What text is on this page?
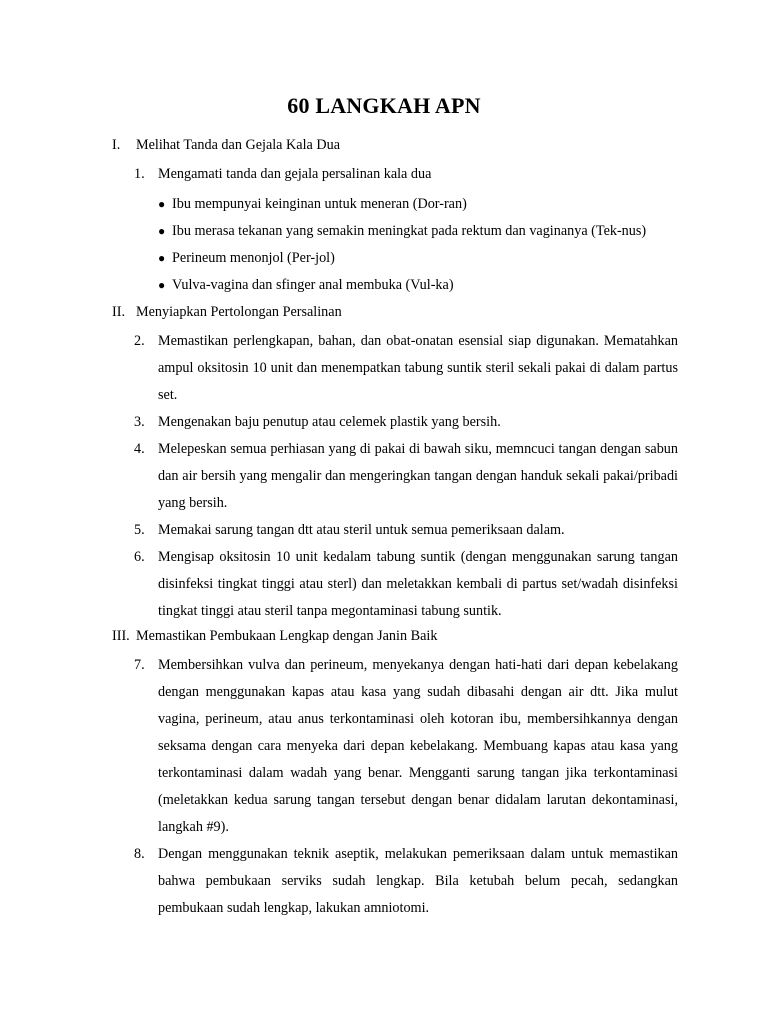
60 LANGKAH APN
I.	Melihat Tanda dan Gejala Kala Dua
1. Mengamati tanda dan gejala persalinan kala dua
● Ibu mempunyai keinginan untuk meneran (Dor-ran)
● Ibu merasa tekanan yang semakin meningkat pada rektum dan vaginanya (Tek-nus)
● Perineum menonjol (Per-jol)
● Vulva-vagina dan sfinger anal membuka (Vul-ka)
II. Menyiapkan Pertolongan Persalinan
2. Memastikan perlengkapan, bahan, dan obat-onatan esensial siap digunakan. Mematahkan ampul oksitosin 10 unit dan menempatkan tabung suntik steril sekali pakai di dalam partus set.
3. Mengenakan baju penutup atau celemek plastik yang bersih.
4. Melepeskan semua perhiasan yang di pakai di bawah siku, memncuci tangan dengan sabun dan air bersih yang mengalir dan mengeringkan tangan dengan handuk sekali pakai/pribadi yang bersih.
5. Memakai sarung tangan dtt atau steril untuk semua pemeriksaan dalam.
6. Mengisap oksitosin 10 unit kedalam tabung suntik (dengan menggunakan sarung tangan disinfeksi tingkat tinggi atau sterl) dan meletakkan kembali di partus set/wadah disinfeksi tingkat tinggi atau steril tanpa megontaminasi tabung suntik.
III. Memastikan Pembukaan Lengkap dengan Janin Baik
7. Membersihkan vulva dan perineum, menyekanya dengan hati-hati dari depan kebelakang dengan menggunakan kapas atau kasa yang sudah dibasahi dengan air dtt. Jika mulut vagina, perineum, atau anus terkontaminasi oleh kotoran ibu, membersihkannya dengan seksama dengan cara menyeka dari depan kebelakang. Membuang kapas atau kasa yang terkontaminasi dalam wadah yang benar. Mengganti sarung tangan jika terkontaminasi (meletakkan kedua sarung tangan tersebut dengan benar didalam larutan dekontaminasi, langkah #9).
8. Dengan menggunakan teknik aseptik, melakukan pemeriksaan dalam untuk memastikan bahwa pembukaan serviks sudah lengkap. Bila ketubah belum pecah, sedangkan pembukaan sudah lengkap, lakukan amniotomi.
